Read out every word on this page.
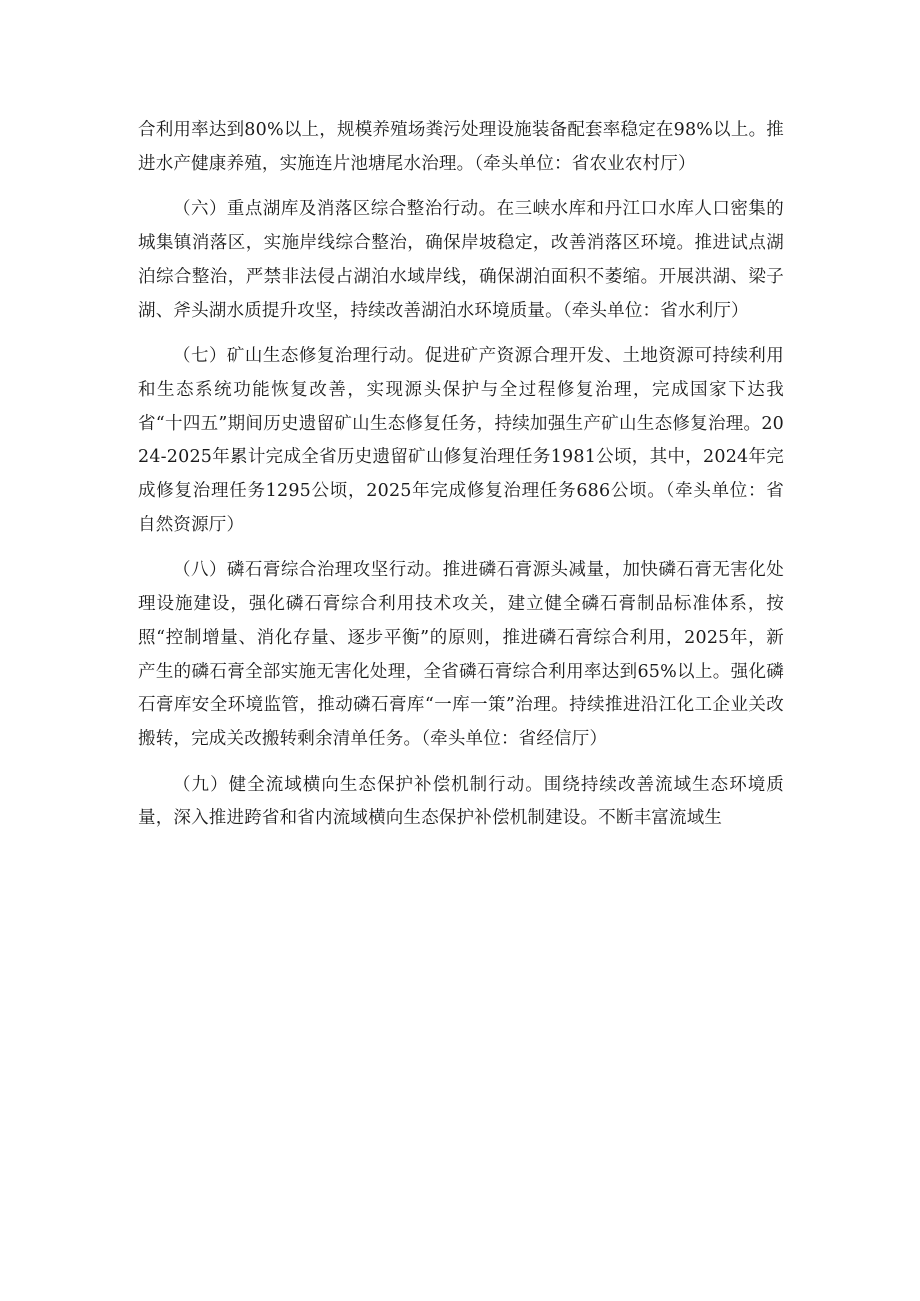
合利用率达到80%以上，规模养殖场粪污处理设施装备配套率稳定在98%以上。推进水产健康养殖，实施连片池塘尾水治理。（牵头单位：省农业农村厅）

（六）重点湖库及消落区综合整治行动。在三峡水库和丹江口水库人口密集的城集镇消落区，实施岸线综合整治，确保岸坡稳定，改善消落区环境。推进试点湖泊综合整治，严禁非法侵占湖泊水域岸线，确保湖泊面积不萎缩。开展洪湖、梁子湖、斧头湖水质提升攻坚，持续改善湖泊水环境质量。（牵头单位：省水利厅）

（七）矿山生态修复治理行动。促进矿产资源合理开发、土地资源可持续利用和生态系统功能恢复改善，实现源头保护与全过程修复治理，完成国家下达我省“十四五”期间历史遗留矿山生态修复任务，持续加强生产矿山生态修复治理。2024-2025年累计完成全省历史遗留矿山修复治理任务1981公顷，其中，2024年完成修复治理任务1295公顷，2025年完成修复治理任务686公顷。（牵头单位：省自然资源厅）

（八）磷石膏综合治理攻坚行动。推进磷石膏源头减量，加快磷石膏无害化处理设施建设，强化磷石膏综合利用技术攻关，建立健全磷石膏制品标准体系，按照“控制增量、消化存量、逐步平衡”的原则，推进磷石膏综合利用，2025年，新产生的磷石膏全部实施无害化处理，全省磷石膏综合利用率达到65%以上。强化磷石膏库安全环境监管，推动磷石膏库“一库一策”治理。持续推进沿江化工企业关改搬转，完成关改搬转剩余清单任务。（牵头单位：省经信厅）

（九）健全流域横向生态保护补偿机制行动。围绕持续改善流域生态环境质量，深入推进跨省和省内流域横向生态保护补偿机制建设。不断丰富流域生
